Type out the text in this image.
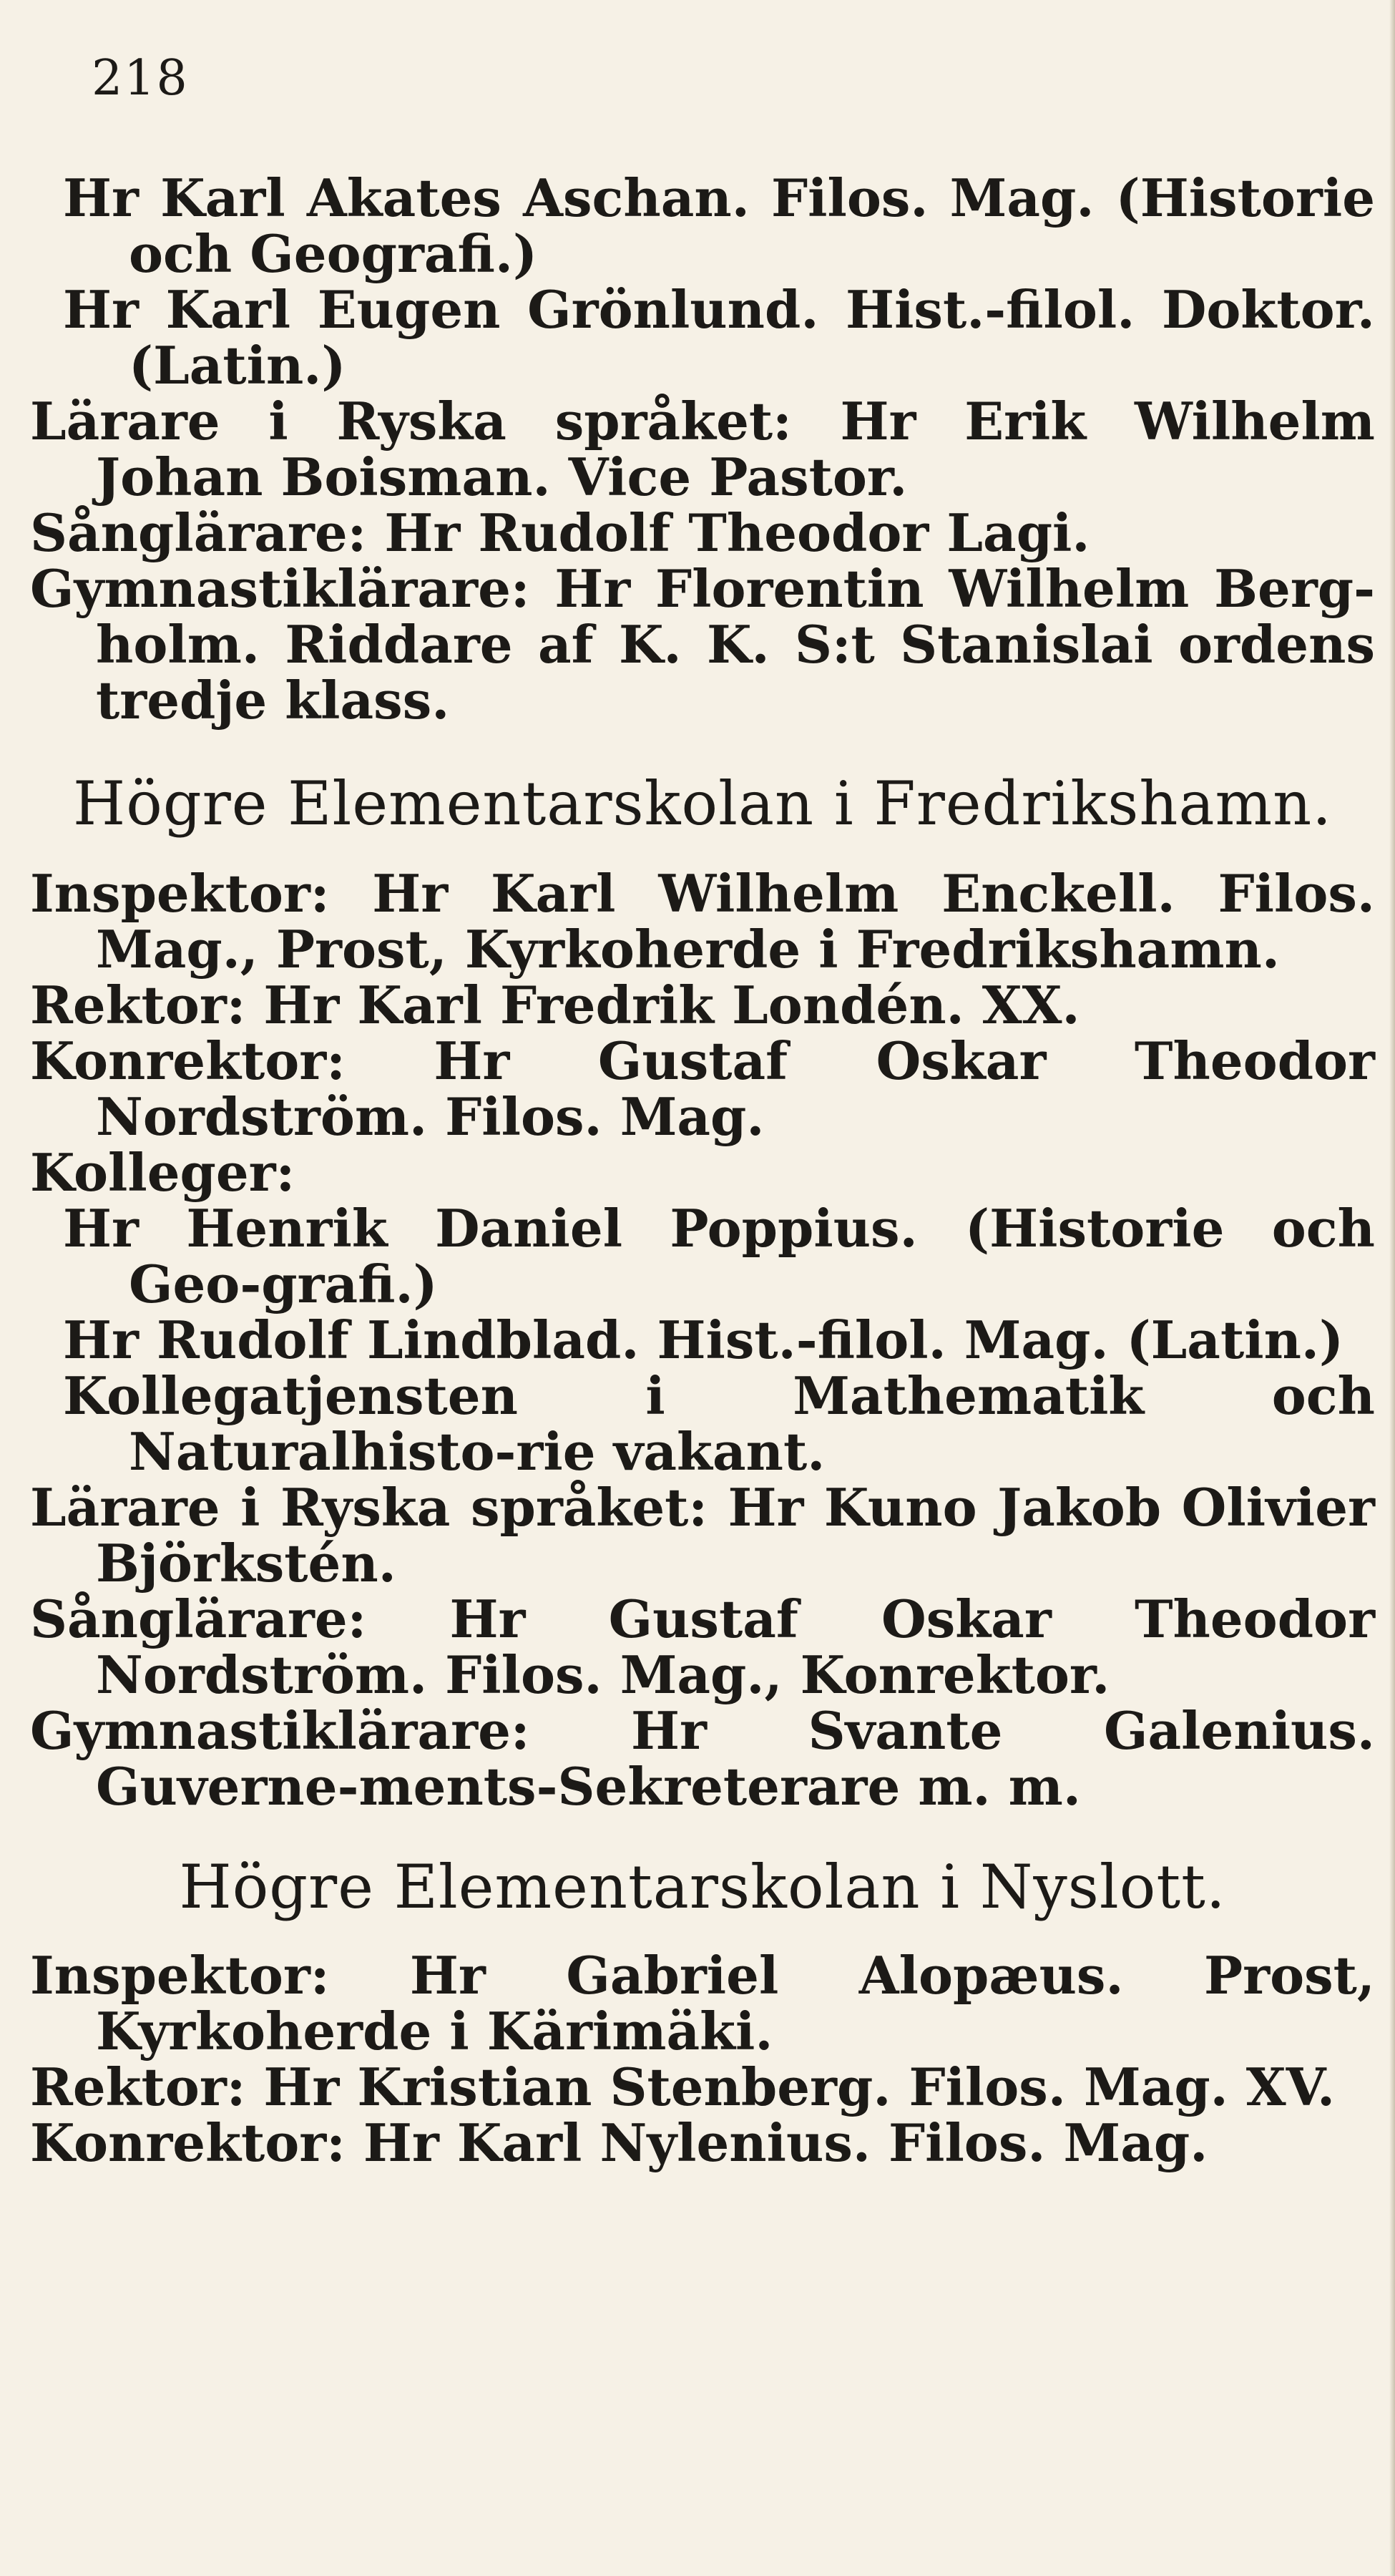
218
Hr Karl Akates Aschan. Filos. Mag. (Historie och Geografi.)
Hr Karl Eugen Grönlund. Hist.-filol. Doktor. (Latin.)
Lärare i Ryska språket: Hr Erik Wilhelm Johan Boisman. Vice Pastor.
Sånglärare: Hr Rudolf Theodor Lagi.
Gymnastiklärare: Hr Florentin Wilhelm Berg-holm. Riddare af K. K. S:t Stanislai ordens tredje klass.
Högre Elementarskolan i Fredrikshamn.
Inspektor: Hr Karl Wilhelm Enckell. Filos. Mag., Prost, Kyrkoherde i Fredrikshamn.
Rektor: Hr Karl Fredrik Londén. XX.
Konrektor: Hr Gustaf Oskar Theodor Nordström. Filos. Mag.
Kolleger:
Hr Henrik Daniel Poppius. (Historie och Geo-grafi.)
Hr Rudolf Lindblad. Hist.-filol. Mag. (Latin.)
Kollegatjensten i Mathematik och Naturalhisto-rie vakant.
Lärare i Ryska språket: Hr Kuno Jakob Olivier Björkstén.
Sånglärare: Hr Gustaf Oskar Theodor Nordström. Filos. Mag., Konrektor.
Gymnastiklärare: Hr Svante Galenius. Guverne-ments-Sekreterare m. m.
Högre Elementarskolan i Nyslott.
Inspektor: Hr Gabriel Alopæus. Prost, Kyrkoherde i Kärimäki.
Rektor: Hr Kristian Stenberg. Filos. Mag. XV.
Konrektor: Hr Karl Nylenius. Filos. Mag.
